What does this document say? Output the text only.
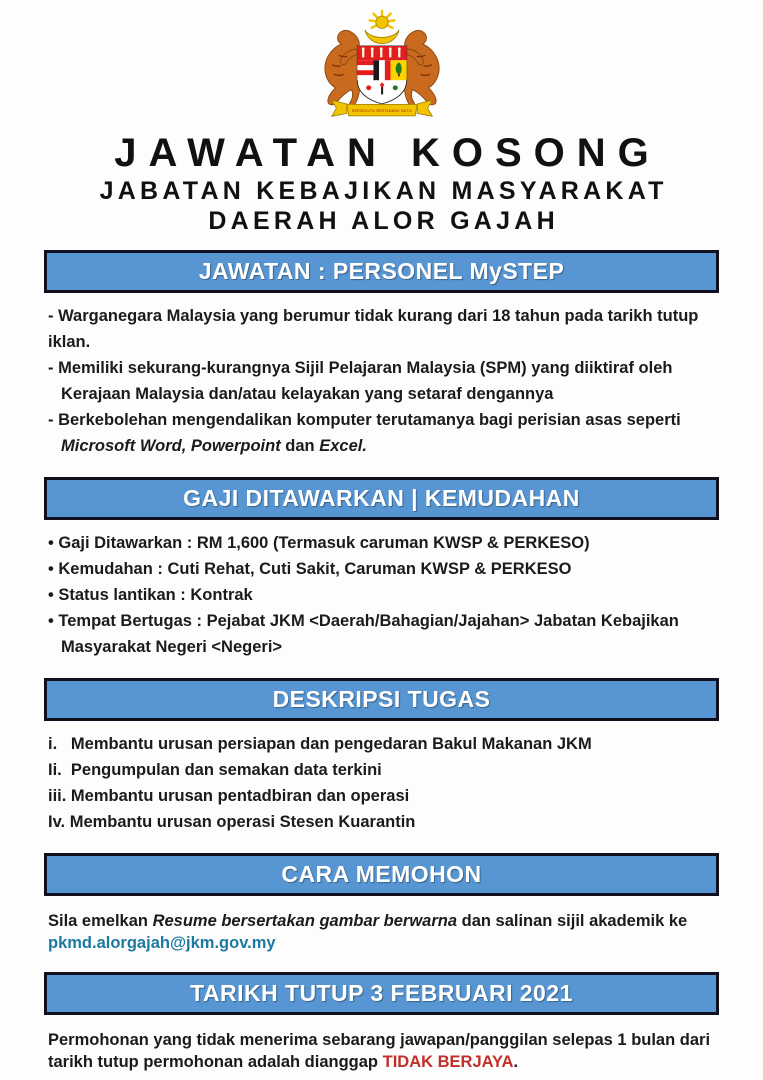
BERSEKUTU BERTAMBAH MUTU
JAWATAN KOSONG
JABATAN KEBAJIKAN MASYARAKAT
DAERAH ALOR GAJAH
JAWATAN : PERSONEL MySTEP
- Warganegara Malaysia yang berumur tidak kurang dari 18 tahun pada tarikh tutup iklan.
- Memiliki sekurang-kurangnya Sijil Pelajaran Malaysia (SPM) yang diiktiraf oleh
Kerajaan Malaysia dan/atau kelayakan yang setaraf dengannya
- Berkebolehan mengendalikan komputer terutamanya bagi perisian asas seperti
Microsoft Word, Powerpoint dan Excel.
GAJI DITAWARKAN | KEMUDAHAN
• Gaji Ditawarkan : RM 1,600 (Termasuk caruman KWSP & PERKESO)
• Kemudahan : Cuti Rehat, Cuti Sakit, Caruman KWSP & PERKESO
• Status lantikan : Kontrak
• Tempat Bertugas : Pejabat JKM <Daerah/Bahagian/Jajahan> Jabatan Kebajikan
Masyarakat Negeri <Negeri>
DESKRIPSI TUGAS
i.   Membantu urusan persiapan dan pengedaran Bakul Makanan JKM
Ii.  Pengumpulan dan semakan data terkini
iii. Membantu urusan pentadbiran dan operasi
Iv. Membantu urusan operasi Stesen Kuarantin
CARA MEMOHON
Sila emelkan Resume bersertakan gambar berwarna dan salinan sijil akademik ke
pkmd.alorgajah@jkm.gov.my
TARIKH TUTUP 3 FEBRUARI 2021
Permohonan yang tidak menerima sebarang jawapan/panggilan selepas 1 bulan dari
tarikh tutup permohonan adalah dianggap TIDAK BERJAYA.
